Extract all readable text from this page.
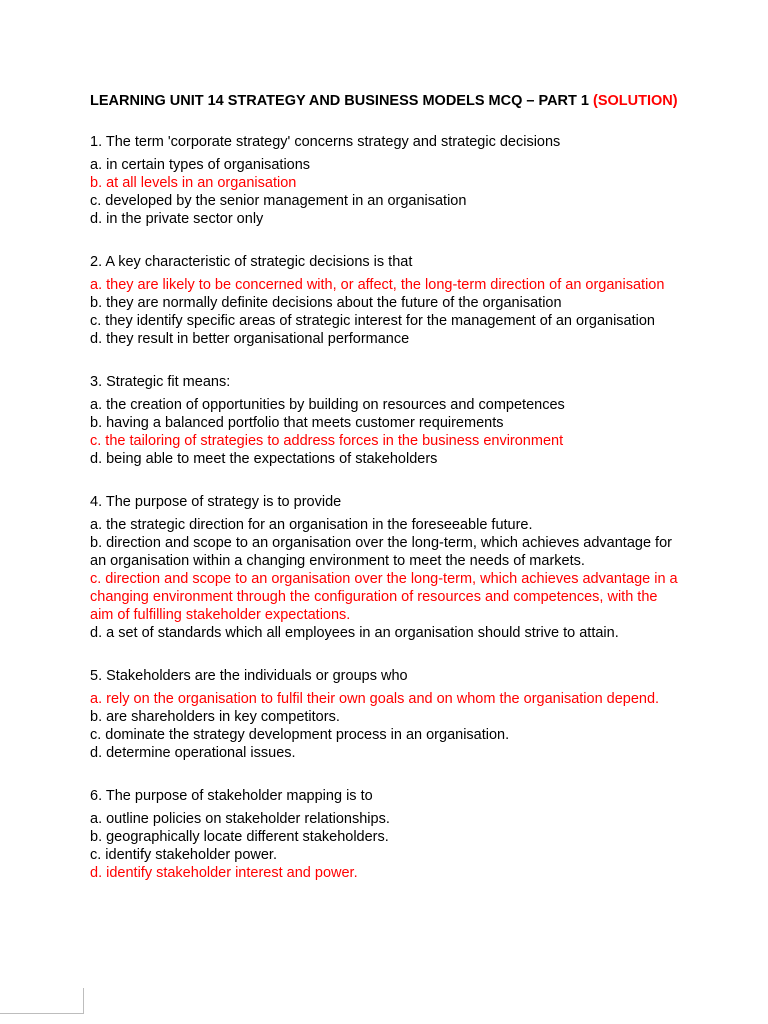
LEARNING UNIT 14 STRATEGY AND BUSINESS MODELS MCQ – PART 1 (SOLUTION)
1. The term 'corporate strategy' concerns strategy and strategic decisions
a. in certain types of organisations
b. at all levels in an organisation
c. developed by the senior management in an organisation
d. in the private sector only
2. A key characteristic of strategic decisions is that
a. they are likely to be concerned with, or affect, the long-term direction of an organisation
b. they are normally definite decisions about the future of the organisation
c. they identify specific areas of strategic interest for the management of an organisation
d. they result in better organisational performance
3. Strategic fit means:
a. the creation of opportunities by building on resources and competences
b. having a balanced portfolio that meets customer requirements
c. the tailoring of strategies to address forces in the business environment
d. being able to meet the expectations of stakeholders
4. The purpose of strategy is to provide
a. the strategic direction for an organisation in the foreseeable future.
b. direction and scope to an organisation over the long-term, which achieves advantage for an organisation within a changing environment to meet the needs of markets.
c. direction and scope to an organisation over the long-term, which achieves advantage in a changing environment through the configuration of resources and competences, with the aim of fulfilling stakeholder expectations.
d. a set of standards which all employees in an organisation should strive to attain.
5. Stakeholders are the individuals or groups who
a. rely on the organisation to fulfil their own goals and on whom the organisation depend.
b. are shareholders in key competitors.
c. dominate the strategy development process in an organisation.
d. determine operational issues.
6. The purpose of stakeholder mapping is to
a. outline policies on stakeholder relationships.
b. geographically locate different stakeholders.
c. identify stakeholder power.
d. identify stakeholder interest and power.
